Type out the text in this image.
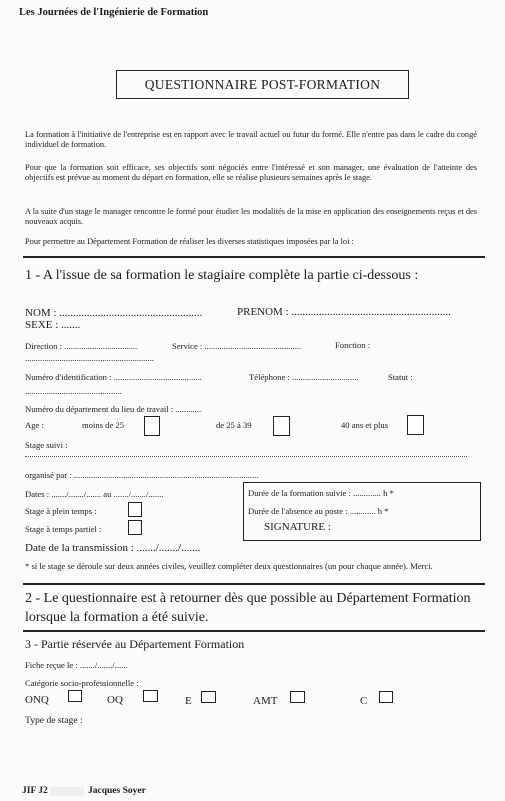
Les Journées de l'Ingénierie de Formation
QUESTIONNAIRE POST-FORMATION
La formation à l'initiative de l'entreprise est en rapport avec le travail actuel ou futur du formé. Elle n'entre pas dans le cadre du congé individuel de formation.
Pour que la formation soit efficace, ses objectifs sont négociés entre l'intéressé et son manager, une évaluation de l'atteinte des objectifs est prévue au moment du départ en formation, elle se réalise plusieurs semaines après le stage.
A la suite d'un stage le manager rencontre le formé pour étudier les modalités de la mise en application des enseignements reçus et des nouveaux acquis.
Pour permettre au Département Formation de réaliser les diverses statistiques imposées par la loi :
1 - A l'issue de sa formation le stagiaire complète la partie ci-dessous :
NOM : ....................................................	PRENOM : ..........................................................
SEXE : .......
Direction : ..................................	Service : .............................................	Fonction :
............................................................
Numéro d'identification : .........................................	Téléphone : ...............................	Statut :
.............................................
Numéro du département du lieu de travail : ............
Age :	moins de 25	de 25 à 39	40 ans et plus
Stage suivi :
organisé par : ......................................................................................
Dates : ......./......./....... au ......./......./.......
Stage à plein temps :
Stage à temps partiel :
Durée de la formation suivie : ............. h *
Durée de l'absence au poste : ............ h *
SIGNATURE :
Date de la transmission : ......./......./.......
* si le stage se déroule sur deux années civiles, veuillez compléter deux questionnaires (un pour chaque année). Merci.
2 - Le questionnaire est à retourner dès que possible au Département Formation lorsque la formation a été suivie.
3 - Partie réservée au Département Formation
Fiche reçue le : ......./......./......
Catégorie socio-professionnelle :
ONQ	OQ	E	AMT	C
Type de stage :
JIF J2	Jacques Soyer
